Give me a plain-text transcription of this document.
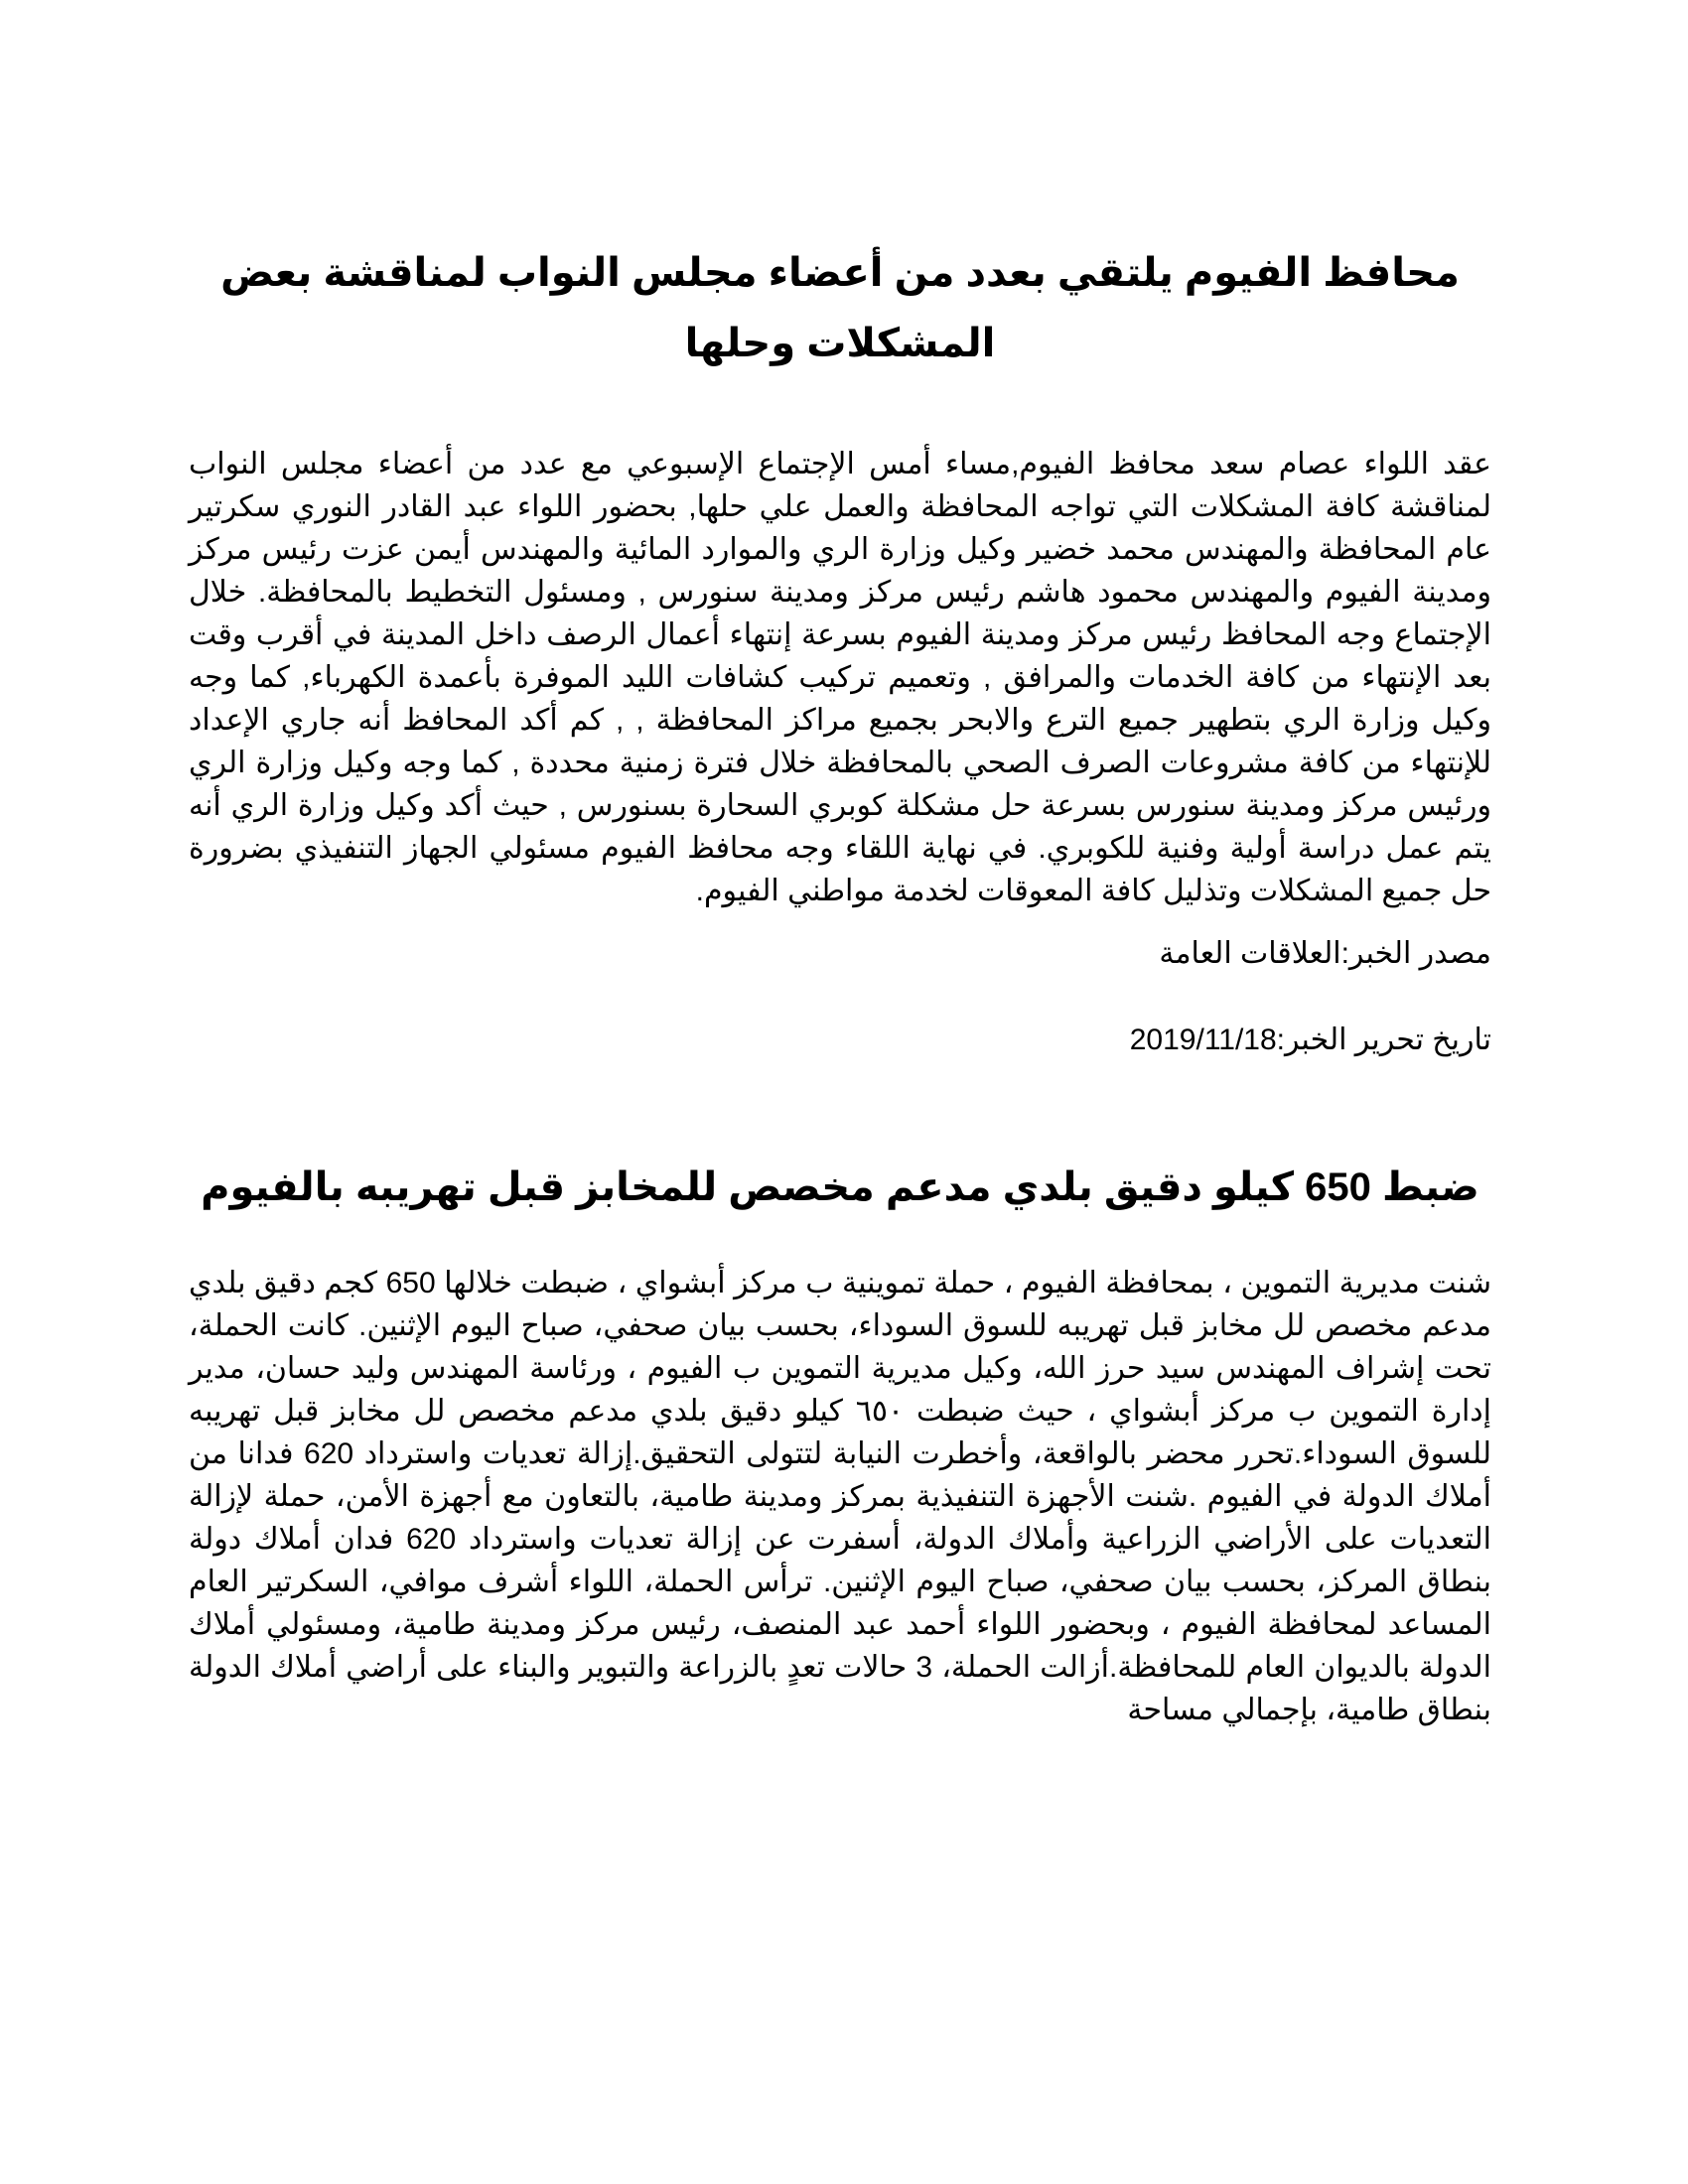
محافظ الفيوم يلتقي بعدد من أعضاء مجلس النواب لمناقشة بعض المشكلات وحلها

عقد اللواء عصام سعد محافظ الفيوم,مساء أمس الإجتماع الإسبوعي مع عدد من أعضاء مجلس النواب لمناقشة كافة المشكلات التي تواجه المحافظة والعمل علي حلها, بحضور اللواء عبد القادر النوري سكرتير عام المحافظة والمهندس محمد خضير وكيل وزارة الري والموارد المائية والمهندس أيمن عزت رئيس مركز ومدينة الفيوم والمهندس محمود هاشم رئيس مركز ومدينة سنورس , ومسئول التخطيط بالمحافظة. خلال الإجتماع وجه المحافظ رئيس مركز ومدينة الفيوم بسرعة إنتهاء أعمال الرصف داخل المدينة في أقرب وقت بعد الإنتهاء من كافة الخدمات والمرافق , وتعميم تركيب كشافات الليد الموفرة بأعمدة الكهرباء, كما وجه وكيل وزارة الري بتطهير جميع الترع والابحر بجميع مراكز المحافظة , , كم أكد المحافظ أنه جاري الإعداد للإنتهاء من كافة مشروعات الصرف الصحي بالمحافظة خلال فترة زمنية محددة , كما وجه وكيل وزارة الري ورئيس مركز ومدينة سنورس بسرعة حل مشكلة كوبري السحارة بسنورس , حيث أكد وكيل وزارة الري أنه يتم عمل دراسة أولية وفنية للكوبري. في نهاية اللقاء وجه محافظ الفيوم مسئولي الجهاز التنفيذي بضرورة حل جميع المشكلات وتذليل كافة المعوقات لخدمة مواطني الفيوم.

مصدر الخبر:العلاقات العامة

تاريخ تحرير الخبر:2019/11/18

ضبط 650 كيلو دقيق بلدي مدعم مخصص للمخابز قبل تهريبه بالفيوم

شنت مديرية التموين ، بمحافظة الفيوم ، حملة تموينية ب مركز أبشواي ، ضبطت خلالها 650 كجم دقيق بلدي مدعم مخصص لل مخابز قبل تهريبه للسوق السوداء، بحسب بيان صحفي، صباح اليوم الإثنين. كانت الحملة، تحت إشراف المهندس سيد حرز الله، وكيل مديرية التموين ب الفيوم ، ورئاسة المهندس وليد حسان، مدير إدارة التموين ب مركز أبشواي ، حيث ضبطت ٦٥٠ كيلو دقيق بلدي مدعم مخصص لل مخابز قبل تهريبه للسوق السوداء.تحرر محضر بالواقعة، وأخطرت النيابة لتتولى التحقيق.إزالة تعديات واسترداد 620 فدانا من أملاك الدولة في الفيوم .شنت الأجهزة التنفيذية بمركز ومدينة طامية، بالتعاون مع أجهزة الأمن، حملة لإزالة التعديات على الأراضي الزراعية وأملاك الدولة، أسفرت عن إزالة تعديات واسترداد 620 فدان أملاك دولة بنطاق المركز، بحسب بيان صحفي، صباح اليوم الإثنين. ترأس الحملة، اللواء أشرف موافي، السكرتير العام المساعد لمحافظة الفيوم ، وبحضور اللواء أحمد عبد المنصف، رئيس مركز ومدينة طامية، ومسئولي أملاك الدولة بالديوان العام للمحافظة.أزالت الحملة، 3 حالات تعدٍ بالزراعة والتبوير والبناء على أراضي أملاك الدولة بنطاق طامية، بإجمالي مساحة
